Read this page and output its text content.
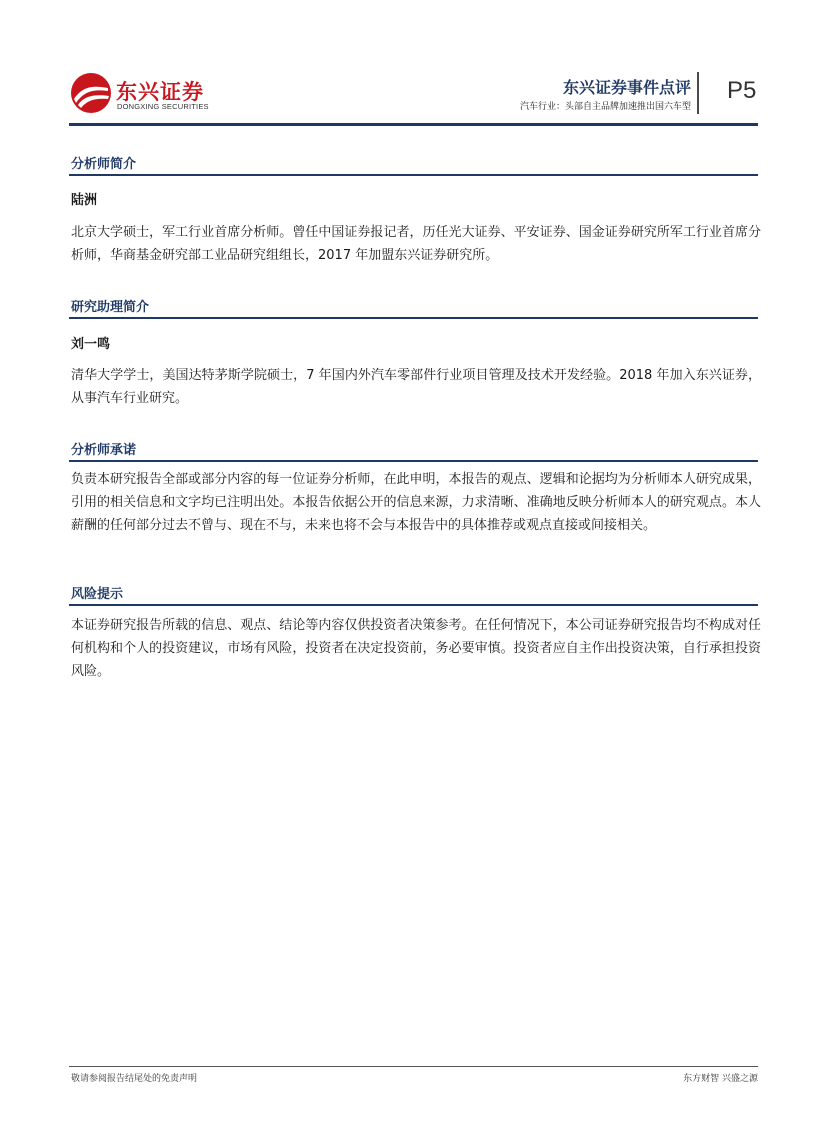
东兴证券
DONGXING SECURITIES
东兴证券事件点评
汽车行业：头部自主品牌加速推出国六车型
P5
分析师简介
陆洲
北京大学硕士，军工行业首席分析师。曾任中国证券报记者，历任光大证券、平安证券、国金证券研究所军工行业首席分析师，华商基金研究部工业品研究组组长，2017 年加盟东兴证券研究所。
研究助理简介
刘一鸣
清华大学学士，美国达特茅斯学院硕士，7 年国内外汽车零部件行业项目管理及技术开发经验。2018 年加入东兴证券，从事汽车行业研究。
分析师承诺
负责本研究报告全部或部分内容的每一位证券分析师，在此申明，本报告的观点、逻辑和论据均为分析师本人研究成果，引用的相关信息和文字均已注明出处。本报告依据公开的信息来源，力求清晰、准确地反映分析师本人的研究观点。本人薪酬的任何部分过去不曾与、现在不与，未来也将不会与本报告中的具体推荐或观点直接或间接相关。
风险提示
本证券研究报告所载的信息、观点、结论等内容仅供投资者决策参考。在任何情况下，本公司证券研究报告均不构成对任何机构和个人的投资建议，市场有风险，投资者在决定投资前，务必要审慎。投资者应自主作出投资决策，自行承担投资风险。
敬请参阅报告结尾处的免责声明	东方财智 兴盛之源
